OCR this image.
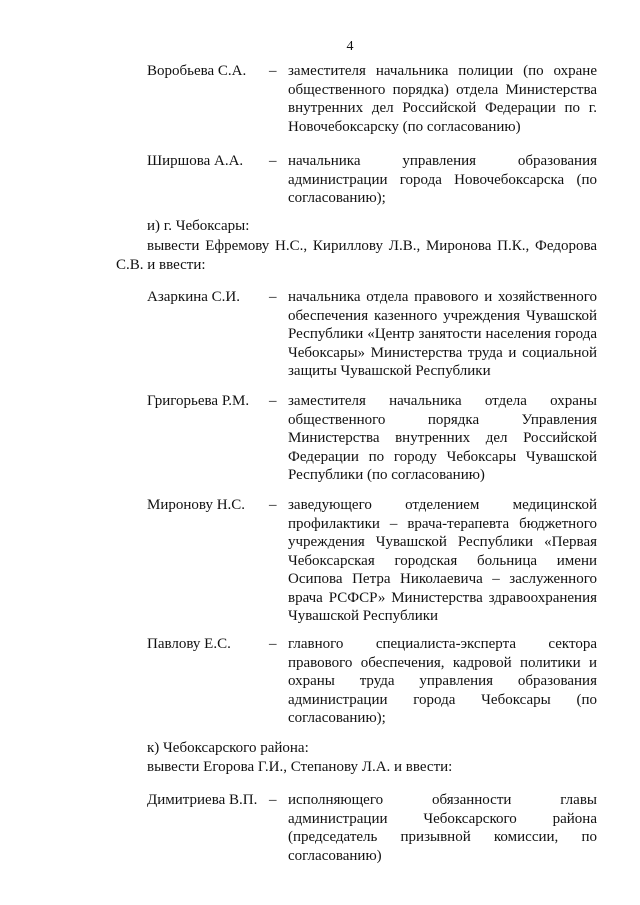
4
Воробьева С.А. – заместителя начальника полиции (по охране общественного порядка) отдела Министерства внутренних дел Российской Федерации по г. Новочебоксарску (по согласованию)
Ширшова А.А. – начальника управления образования администрации города Новочебоксарска (по согласованию);
и) г. Чебоксары:
вывести Ефремову Н.С., Кириллову Л.В., Миронова П.К., Федорова С.В. и ввести:
Азаркина С.И. – начальника отдела правового и хозяйственного обеспечения казенного учреждения Чувашской Республики «Центр занятости населения города Чебоксары» Министерства труда и социальной защиты Чувашской Республики
Григорьева Р.М. – заместителя начальника отдела охраны общественного порядка Управления Министерства внутренних дел Российской Федерации по городу Чебоксары Чувашской Республики (по согласованию)
Миронову Н.С. – заведующего отделением медицинской профилактики – врача-терапевта бюджетного учреждения Чувашской Республики «Первая Чебоксарская городская больница имени Осипова Петра Николаевича – заслуженного врача РСФСР» Министерства здравоохранения Чувашской Республики
Павлову Е.С.	– главного специалиста-эксперта сектора правового обеспечения, кадровой политики и охраны труда управления образования администрации города Чебоксары (по согласованию);
к) Чебоксарского района:
вывести Егорова Г.И., Степанову Л.А. и ввести:
Димитриева В.П. – исполняющего обязанности главы администрации Чебоксарского района (председатель призывной комиссии, по согласованию)
